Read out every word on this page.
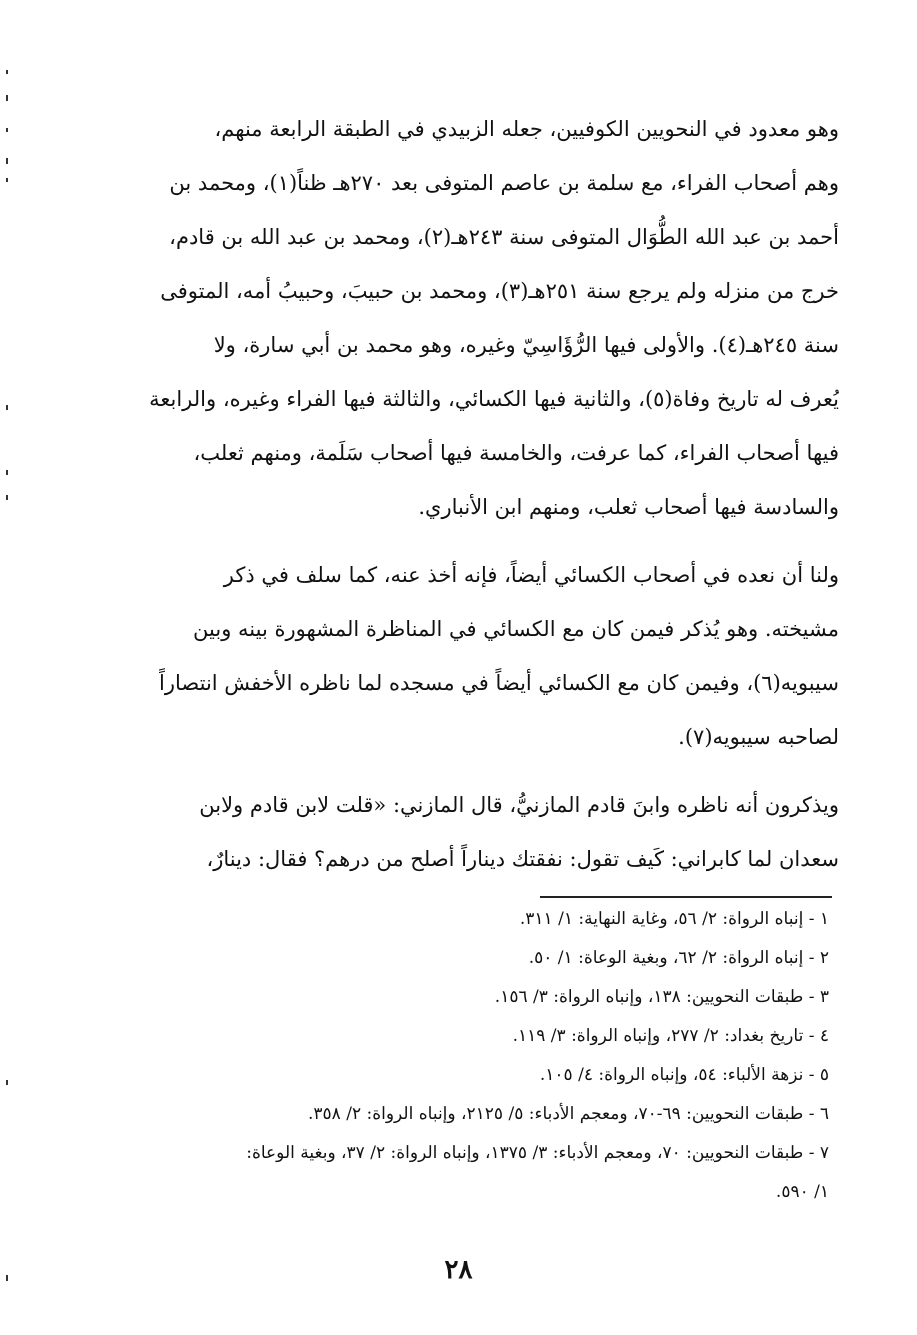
وهو معدود في النحويين الكوفيين، جعله الزبيدي في الطبقة الرابعة منهم،
وهم أصحاب الفراء، مع سلمة بن عاصم المتوفى بعد ٢٧٠هـ ظناً(١)، ومحمد بن
أحمد بن عبد الله الطُّوَال المتوفى سنة ٢٤٣هـ(٢)، ومحمد بن عبد الله بن قادم،
خرج من منزله ولم يرجع سنة ٢٥١هـ(٣)، ومحمد بن حبيبَ، وحبيبُ أمه، المتوفى
سنة ٢٤٥هـ(٤). والأولى فيها الرُّؤَاسِيّ وغيره، وهو محمد بن أبي سارة، ولا
يُعرف له تاريخ وفاة(٥)، والثانية فيها الكسائي، والثالثة فيها الفراء وغيره، والرابعة
فيها أصحاب الفراء، كما عرفت، والخامسة فيها أصحاب سَلَمة، ومنهم ثعلب،
والسادسة فيها أصحاب ثعلب، ومنهم ابن الأنباري.

ولنا أن نعده في أصحاب الكسائي أيضاً، فإنه أخذ عنه، كما سلف في ذكر
مشيخته. وهو يُذكر فيمن كان مع الكسائي في المناظرة المشهورة بينه وبين
سيبويه(٦)، وفيمن كان مع الكسائي أيضاً في مسجده لما ناظره الأخفش انتصاراً
لصاحبه سيبويه(٧).

ويذكرون أنه ناظره وابنَ قادم المازنيُّ، قال المازني: «قلت لابن قادم ولابن
سعدان لما كابراني: كَيف تقول: نفقتك ديناراً أصلح من درهم؟ فقال: دينارٌ،

١ - إنباه الرواة: ٢/ ٥٦، وغاية النهاية: ١/ ٣١١.
٢ - إنباه الرواة: ٢/ ٦٢، وبغية الوعاة: ١/ ٥٠.
٣ - طبقات النحويين: ١٣٨، وإنباه الرواة: ٣/ ١٥٦.
٤ - تاريخ بغداد: ٢/ ٢٧٧، وإنباه الرواة: ٣/ ١١٩.
٥ - نزهة الألباء: ٥٤، وإنباه الرواة: ٤/ ١٠٥.
٦ - طبقات النحويين: ٦٩-٧٠، ومعجم الأدباء: ٥/ ٢١٢٥، وإنباه الرواة: ٢/ ٣٥٨.
٧ - طبقات النحويين: ٧٠، ومعجم الأدباء: ٣/ ١٣٧٥، وإنباه الرواة: ٢/ ٣٧، وبغية الوعاة:
١/ ٥٩٠.
٢٨
